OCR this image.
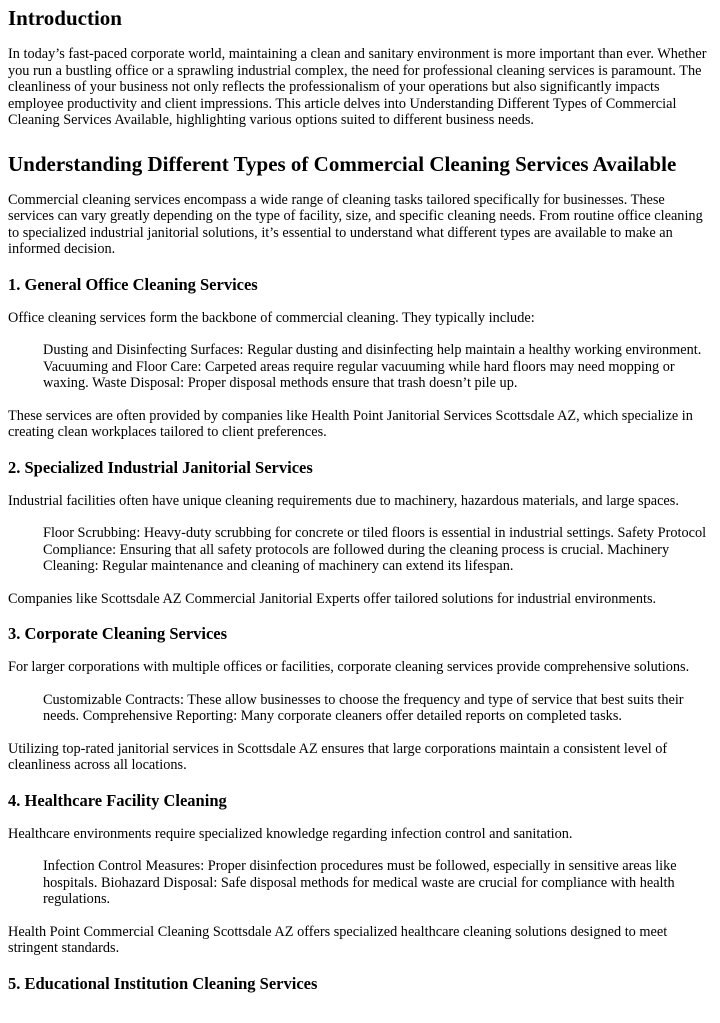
Introduction

In today’s fast-paced corporate world, maintaining a clean and sanitary environment is more important than ever. Whether you run a bustling office or a sprawling industrial complex, the need for professional cleaning services is paramount. The cleanliness of your business not only reflects the professionalism of your operations but also significantly impacts employee productivity and client impressions. This article delves into Understanding Different Types of Commercial Cleaning Services Available, highlighting various options suited to different business needs.

Understanding Different Types of Commercial Cleaning Services Available

Commercial cleaning services encompass a wide range of cleaning tasks tailored specifically for businesses. These services can vary greatly depending on the type of facility, size, and specific cleaning needs. From routine office cleaning to specialized industrial janitorial solutions, it’s essential to understand what different types are available to make an informed decision.

1. General Office Cleaning Services

Office cleaning services form the backbone of commercial cleaning. They typically include:

Dusting and Disinfecting Surfaces: Regular dusting and disinfecting help maintain a healthy working environment. Vacuuming and Floor Care: Carpeted areas require regular vacuuming while hard floors may need mopping or waxing. Waste Disposal: Proper disposal methods ensure that trash doesn’t pile up.

These services are often provided by companies like Health Point Janitorial Services Scottsdale AZ, which specialize in creating clean workplaces tailored to client preferences.

2. Specialized Industrial Janitorial Services

Industrial facilities often have unique cleaning requirements due to machinery, hazardous materials, and large spaces.

Floor Scrubbing: Heavy-duty scrubbing for concrete or tiled floors is essential in industrial settings. Safety Protocol Compliance: Ensuring that all safety protocols are followed during the cleaning process is crucial. Machinery Cleaning: Regular maintenance and cleaning of machinery can extend its lifespan.

Companies like Scottsdale AZ Commercial Janitorial Experts offer tailored solutions for industrial environments.

3. Corporate Cleaning Services

For larger corporations with multiple offices or facilities, corporate cleaning services provide comprehensive solutions.

Customizable Contracts: These allow businesses to choose the frequency and type of service that best suits their needs. Comprehensive Reporting: Many corporate cleaners offer detailed reports on completed tasks.

Utilizing top-rated janitorial services in Scottsdale AZ ensures that large corporations maintain a consistent level of cleanliness across all locations.

4. Healthcare Facility Cleaning

Healthcare environments require specialized knowledge regarding infection control and sanitation.

Infection Control Measures: Proper disinfection procedures must be followed, especially in sensitive areas like hospitals. Biohazard Disposal: Safe disposal methods for medical waste are crucial for compliance with health regulations.

Health Point Commercial Cleaning Scottsdale AZ offers specialized healthcare cleaning solutions designed to meet stringent standards.

5. Educational Institution Cleaning Services
